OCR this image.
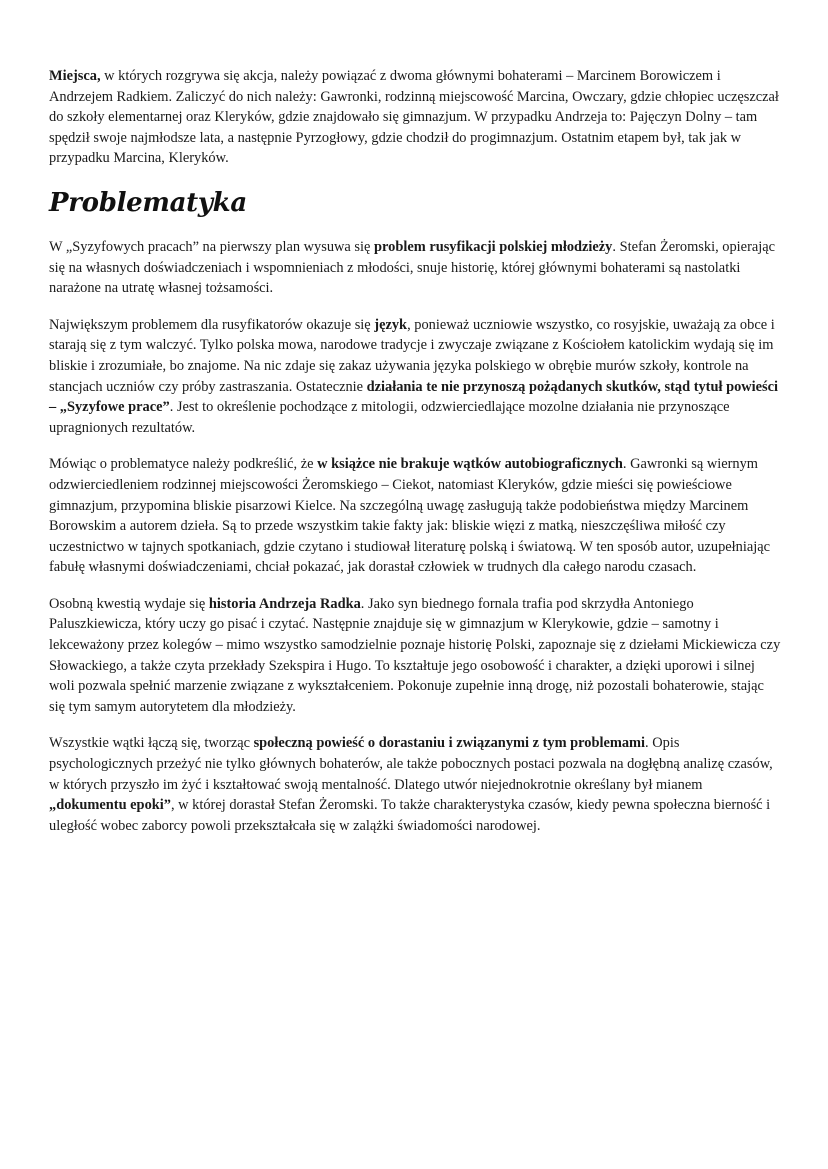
Miejsca, w których rozgrywa się akcja, należy powiązać z dwoma głównymi bohaterami – Marcinem Borowiczem i Andrzejem Radkiem. Zaliczyć do nich należy: Gawronki, rodzinną miejscowość Marcina, Owczary, gdzie chłopiec uczęszczał do szkoły elementarnej oraz Kleryków, gdzie znajdowało się gimnazjum. W przypadku Andrzeja to: Pajęczyn Dolny – tam spędził swoje najmłodsze lata, a następnie Pyrzogłowy, gdzie chodził do progimnazjum. Ostatnim etapem był, tak jak w przypadku Marcina, Kleryków.

Problematyka

W „Syzyfowych pracach” na pierwszy plan wysuwa się problem rusyfikacji polskiej młodzieży. Stefan Żeromski, opierając się na własnych doświadczeniach i wspomnieniach z młodości, snuje historię, której głównymi bohaterami są nastolatki narażone na utratę własnej tożsamości.

Największym problemem dla rusyfikatorów okazuje się język, ponieważ uczniowie wszystko, co rosyjskie, uważają za obce i starają się z tym walczyć. Tylko polska mowa, narodowe tradycje i zwyczaje związane z Kościołem katolickim wydają się im bliskie i zrozumiałe, bo znajome. Na nic zdaje się zakaz używania języka polskiego w obrębie murów szkoły, kontrole na stancjach uczniów czy próby zastraszania. Ostatecznie działania te nie przynoszą pożądanych skutków, stąd tytuł powieści – „Syzyfowe prace”. Jest to określenie pochodzące z mitologii, odzwierciedlające mozolne działania nie przynoszące upragnionych rezultatów.

Mówiąc o problematyce należy podkreślić, że w książce nie brakuje wątków autobiograficznych. Gawronki są wiernym odzwierciedleniem rodzinnej miejscowości Żeromskiego – Ciekot, natomiast Kleryków, gdzie mieści się powieściowe gimnazjum, przypomina bliskie pisarzowi Kielce. Na szczególną uwagę zasługują także podobieństwa między Marcinem Borowskim a autorem dzieła. Są to przede wszystkim takie fakty jak: bliskie więzi z matką, nieszczęśliwa miłość czy uczestnictwo w tajnych spotkaniach, gdzie czytano i studiował literaturę polską i światową. W ten sposób autor, uzupełniając fabułę własnymi doświadczeniami, chciał pokazać, jak dorastał człowiek w trudnych dla całego narodu czasach.

Osobną kwestią wydaje się historia Andrzeja Radka. Jako syn biednego fornala trafia pod skrzydła Antoniego Paluszkiewicza, który uczy go pisać i czytać. Następnie znajduje się w gimnazjum w Klerykowie, gdzie – samotny i lekceważony przez kolegów – mimo wszystko samodzielnie poznaje historię Polski, zapoznaje się z dziełami Mickiewicza czy Słowackiego, a także czyta przekłady Szekspira i Hugo. To kształtuje jego osobowość i charakter, a dzięki uporowi i silnej woli pozwala spełnić marzenie związane z wykształceniem. Pokonuje zupełnie inną drogę, niż pozostali bohaterowie, stając się tym samym autorytetem dla młodzieży.

Wszystkie wątki łączą się, tworząc społeczną powieść o dorastaniu i związanymi z tym problemami. Opis psychologicznych przeżyć nie tylko głównych bohaterów, ale także pobocznych postaci pozwala na dogłębną analizę czasów, w których przyszło im żyć i kształtować swoją mentalność. Dlatego utwór niejednokrotnie określany był mianem „dokumentu epoki”, w której dorastał Stefan Żeromski. To także charakterystyka czasów, kiedy pewna społeczna bierność i uległość wobec zaborcy powoli przekształcała się w zalążki świadomości narodowej.
